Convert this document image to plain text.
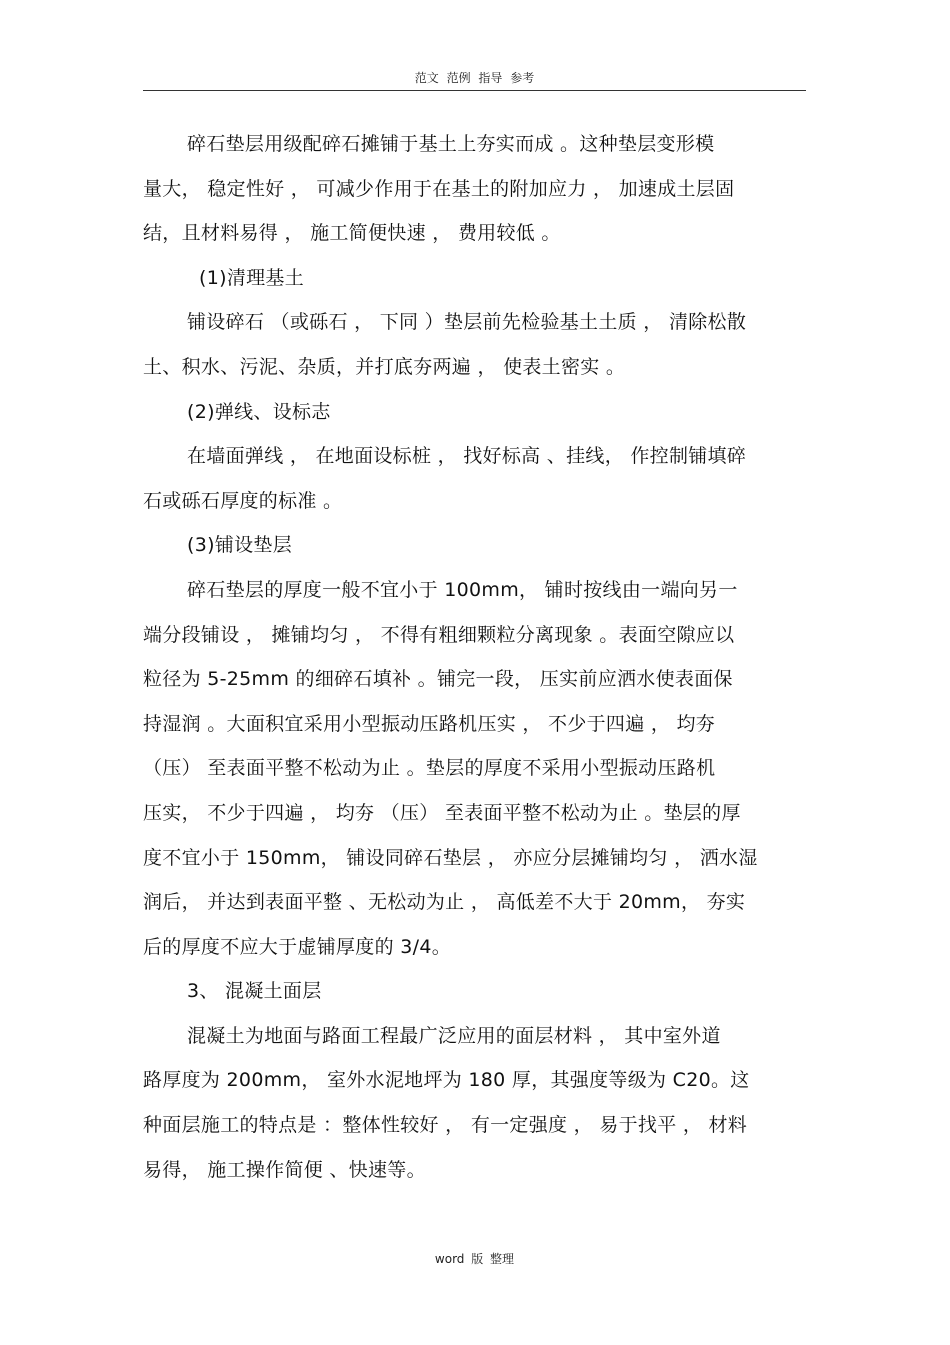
范文 范例 指导 参考

碎石垫层用级配碎石摊铺于基土上夯实而成 。这种垫层变形模

量大， 稳定性好 ， 可减少作用于在基土的附加应力 ， 加速成土层固

结，且材料易得 ， 施工简便快速 ， 费用较低 。

(1)清理基土

铺设碎石 （或砾石 ， 下同 ）垫层前先检验基土土质 ， 清除松散

土、积水、污泥、杂质，并打底夯两遍 ， 使表土密实 。

(2)弹线、设标志

在墙面弹线 ， 在地面设标桩 ， 找好标高 、挂线， 作控制铺填碎

石或砾石厚度的标准 。

(3)铺设垫层

碎石垫层的厚度一般不宜小于 100mm， 铺时按线由一端向另一

端分段铺设 ， 摊铺均匀 ， 不得有粗细颗粒分离现象 。表面空隙应以

粒径为 5-25mm 的细碎石填补 。铺完一段， 压实前应洒水使表面保

持湿润 。大面积宜采用小型振动压路机压实 ， 不少于四遍 ， 均夯

（压） 至表面平整不松动为止 。垫层的厚度不采用小型振动压路机

压实， 不少于四遍 ， 均夯 （压） 至表面平整不松动为止 。垫层的厚

度不宜小于 150mm， 铺设同碎石垫层 ， 亦应分层摊铺均匀 ， 洒水湿

润后， 并达到表面平整 、无松动为止 ， 高低差不大于 20mm， 夯实

后的厚度不应大于虚铺厚度的 3/4。

3、 混凝土面层

混凝土为地面与路面工程最广泛应用的面层材料 ， 其中室外道

路厚度为 200mm， 室外水泥地坪为 180 厚，其强度等级为 C20。这

种面层施工的特点是 ：整体性较好 ， 有一定强度 ， 易于找平 ， 材料

易得， 施工操作简便 、快速等。

word 版 整理
